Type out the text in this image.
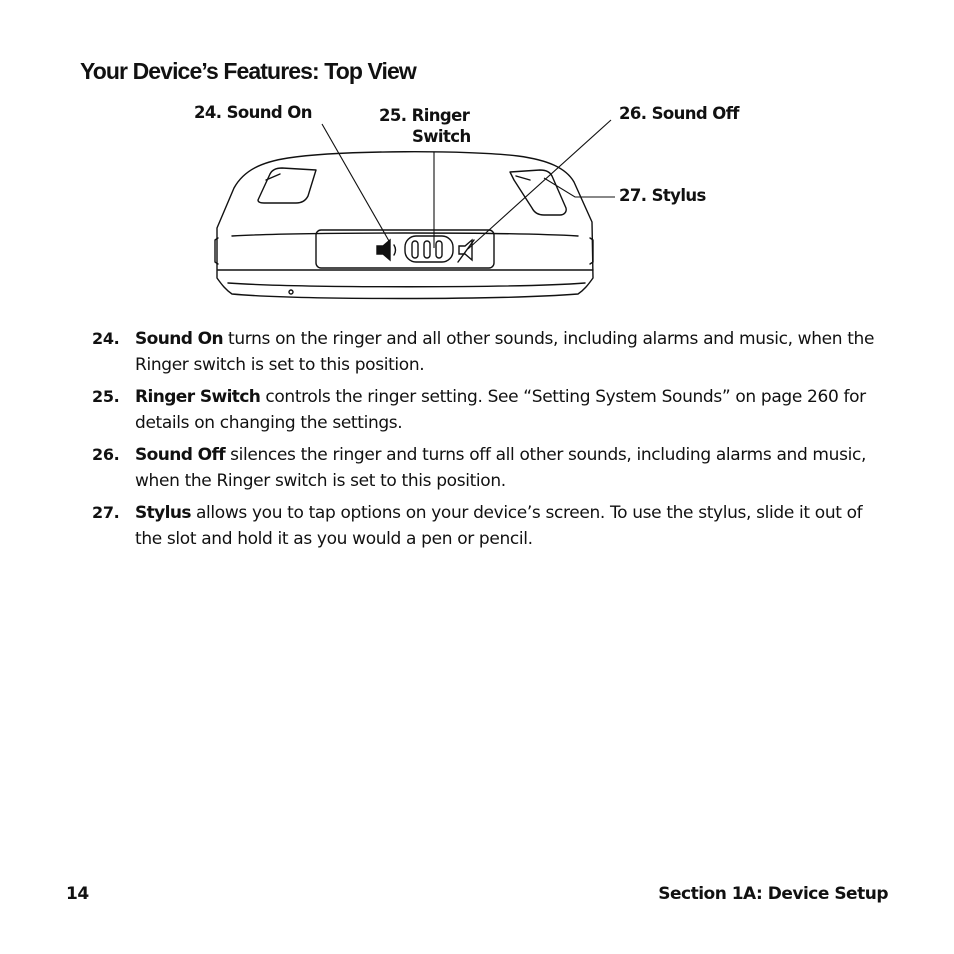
Your Device’s Features: Top View
24. Sound On	25. Ringer
Switch
26. Sound Off
27. Stylus
24. Sound On turns on the ringer and all other sounds, including alarms and music, when the Ringer switch is set to this position.
25. Ringer Switch controls the ringer setting. See “Setting System Sounds” on page 260 for details on changing the settings.
26. Sound Off silences the ringer and turns off all other sounds, including alarms and music, when the Ringer switch is set to this position.
27. Stylus allows you to tap options on your device’s screen. To use the stylus, slide it out of the slot and hold it as you would a pen or pencil.
14	Section 1A: Device Setup
